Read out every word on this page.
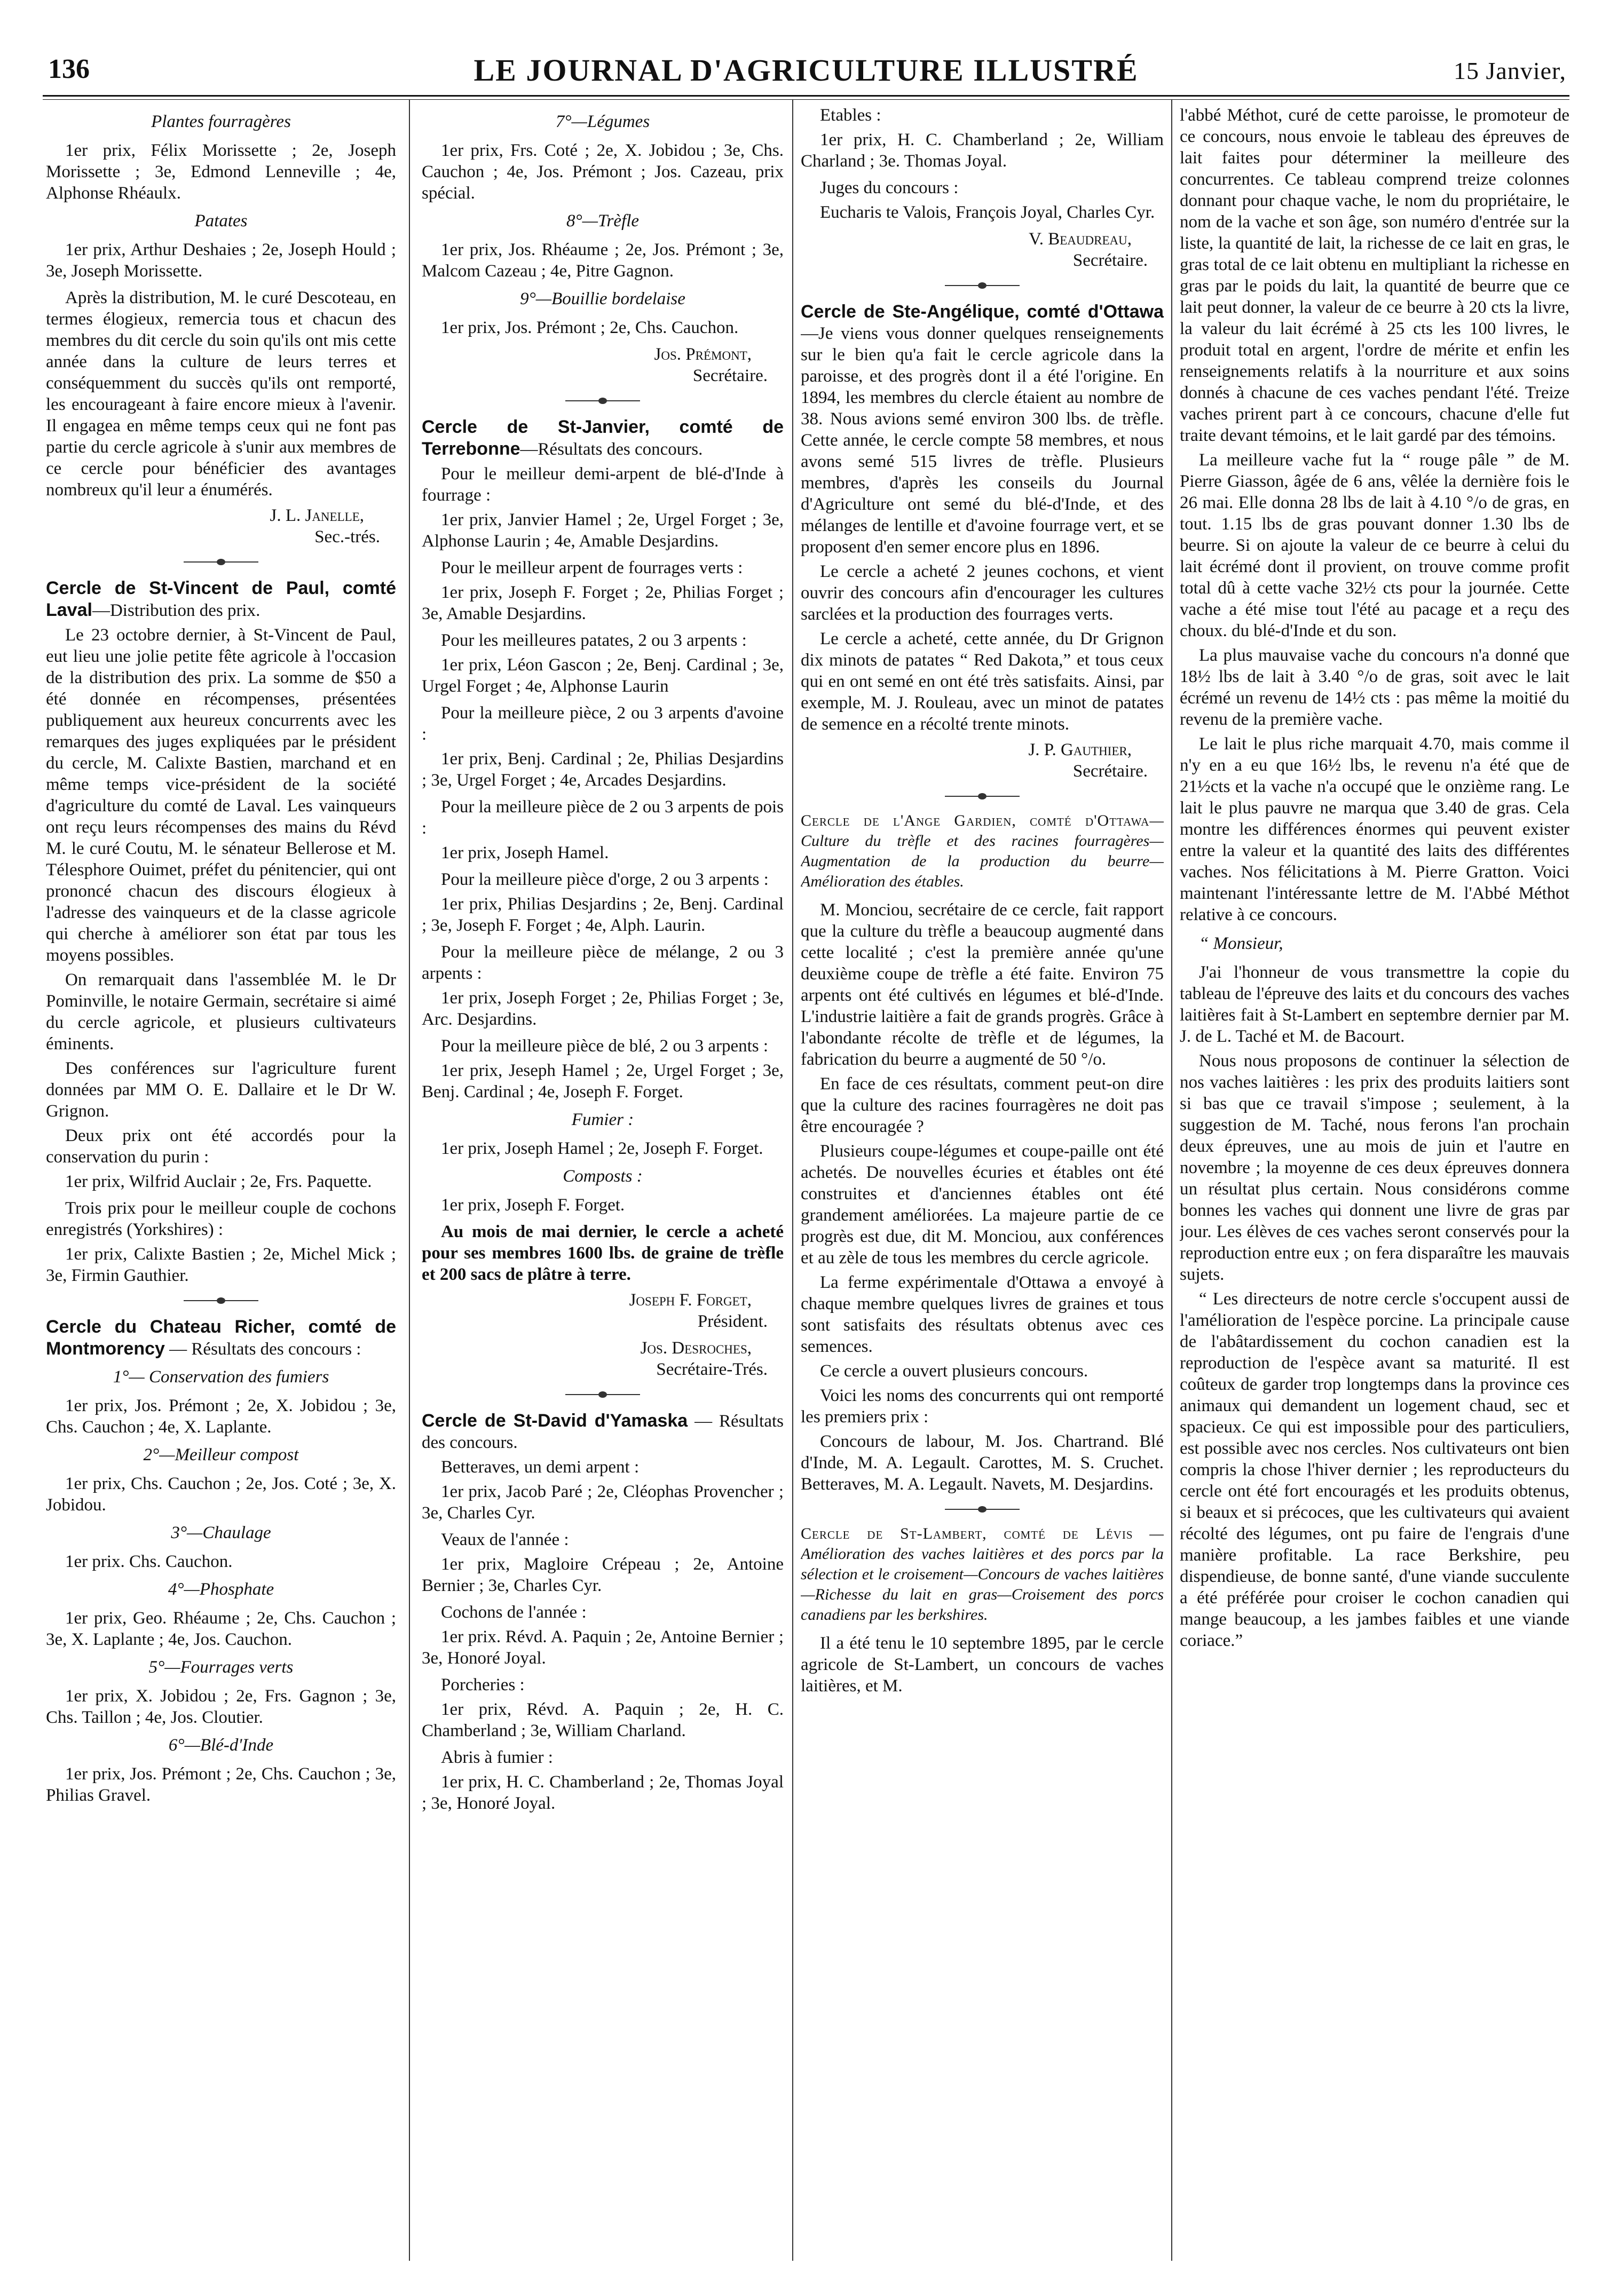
136	LE JOURNAL D'AGRICULTURE ILLUSTRÉ	15 Janvier,

Plantes fourragères

1er prix, Félix Morissette ; 2e, Joseph Morissette ; 3e, Edmond Lenneville ; 4e, Alphonse Rhéaulx.

Patates

1er prix, Arthur Deshaies ; 2e, Joseph Hould ; 3e, Joseph Morissette.

Après la distribution, M. le curé Descoteau, en termes élogieux, remercia tous et chacun des membres du dit cercle du soin qu'ils ont mis cette année dans la culture de leurs terres et conséquemment du succès qu'ils ont remporté, les encourageant à faire encore mieux à l'avenir. Il engagea en même temps ceux qui ne font pas partie du cercle agricole à s'unir aux membres de ce cercle pour bénéficier des avantages nombreux qu'il leur a énumérés.

J. L. Janelle,

Sec.-trés.

Cercle de St-Vincent de Paul, comté Laval—Distribution des prix.

Le 23 octobre dernier, à St-Vincent de Paul, eut lieu une jolie petite fête agricole à l'occasion de la distribution des prix. La somme de $50 a été donnée en récompenses, présentées publiquement aux heureux concurrents avec les remarques des juges expliquées par le président du cercle, M. Calixte Bastien, marchand et en même temps vice-président de la société d'agriculture du comté de Laval. Les vainqueurs ont reçu leurs récompenses des mains du Révd M. le curé Coutu, M. le sénateur Bellerose et M. Télesphore Ouimet, préfet du pénitencier, qui ont prononcé chacun des discours élogieux à l'adresse des vainqueurs et de la classe agricole qui cherche à améliorer son état par tous les moyens possibles.

On remarquait dans l'assemblée M. le Dr Pominville, le notaire Germain, secrétaire si aimé du cercle agricole, et plusieurs cultivateurs éminents.

Des conférences sur l'agriculture furent données par MM O. E. Dallaire et le Dr W. Grignon.

Deux prix ont été accordés pour la conservation du purin :

1er prix, Wilfrid Auclair ; 2e, Frs. Paquette.

Trois prix pour le meilleur couple de cochons enregistrés (Yorkshires) :

1er prix, Calixte Bastien ; 2e, Michel Mick ; 3e, Firmin Gauthier.

Cercle du Chateau Richer, comté de Montmorency — Résultats des concours :

1°— Conservation des fumiers

1er prix, Jos. Prémont ; 2e, X. Jobidou ; 3e, Chs. Cauchon ; 4e, X. Laplante.

2°—Meilleur compost

1er prix, Chs. Cauchon ; 2e, Jos. Coté ; 3e, X. Jobidou.

3°—Chaulage

1er prix. Chs. Cauchon.

4°—Phosphate

1er prix, Geo. Rhéaume ; 2e, Chs. Cauchon ; 3e, X. Laplante ; 4e, Jos. Cauchon.

5°—Fourrages verts

1er prix, X. Jobidou ; 2e, Frs. Gagnon ; 3e, Chs. Taillon ; 4e, Jos. Cloutier.

6°—Blé-d'Inde

1er prix, Jos. Prémont ; 2e, Chs. Cauchon ; 3e, Philias Gravel.

7°—Légumes

1er prix, Frs. Coté ; 2e, X. Jobidou ; 3e, Chs. Cauchon ; 4e, Jos. Prémont ; Jos. Cazeau, prix spécial.

8°—Trèfle

1er prix, Jos. Rhéaume ; 2e, Jos. Prémont ; 3e, Malcom Cazeau ; 4e, Pitre Gagnon.

9°—Bouillie bordelaise

1er prix, Jos. Prémont ; 2e, Chs. Cauchon.

Jos. Prémont,

Secrétaire.

Cercle de St-Janvier, comté de Terrebonne—Résultats des concours.

Pour le meilleur demi-arpent de blé-d'Inde à fourrage :

1er prix, Janvier Hamel ; 2e, Urgel Forget ; 3e, Alphonse Laurin ; 4e, Amable Desjardins.

Pour le meilleur arpent de fourrages verts :

1er prix, Joseph F. Forget ; 2e, Philias Forget ; 3e, Amable Desjardins.

Pour les meilleures patates, 2 ou 3 arpents :

1er prix, Léon Gascon ; 2e, Benj. Cardinal ; 3e, Urgel Forget ; 4e, Alphonse Laurin

Pour la meilleure pièce, 2 ou 3 arpents d'avoine :

1er prix, Benj. Cardinal ; 2e, Philias Desjardins ; 3e, Urgel Forget ; 4e, Arcades Desjardins.

Pour la meilleure pièce de 2 ou 3 arpents de pois :

1er prix, Joseph Hamel.

Pour la meilleure pièce d'orge, 2 ou 3 arpents :

1er prix, Philias Desjardins ; 2e, Benj. Cardinal ; 3e, Joseph F. Forget ; 4e, Alph. Laurin.

Pour la meilleure pièce de mélange, 2 ou 3 arpents :

1er prix, Joseph Forget ; 2e, Philias Forget ; 3e, Arc. Desjardins.

Pour la meilleure pièce de blé, 2 ou 3 arpents :

1er prix, Jeseph Hamel ; 2e, Urgel Forget ; 3e, Benj. Cardinal ; 4e, Joseph F. Forget.

Fumier :

1er prix, Joseph Hamel ; 2e, Joseph F. Forget.

Composts :

1er prix, Joseph F. Forget.

Au mois de mai dernier, le cercle a acheté pour ses membres 1600 lbs. de graine de trèfle et 200 sacs de plâtre à terre.

Joseph F. Forget,

Président.

Jos. Desroches,

Secrétaire-Trés.

Cercle de St-David d'Yamaska — Résultats des concours.

Betteraves, un demi arpent :

1er prix, Jacob Paré ; 2e, Cléophas Provencher ; 3e, Charles Cyr.

Veaux de l'année :

1er prix, Magloire Crépeau ; 2e, Antoine Bernier ; 3e, Charles Cyr.

Cochons de l'année :

1er prix. Révd. A. Paquin ; 2e, Antoine Bernier ; 3e, Honoré Joyal.

Porcheries :

1er prix, Révd. A. Paquin ; 2e, H. C. Chamberland ; 3e, William Charland.

Abris à fumier :

1er prix, H. C. Chamberland ; 2e, Thomas Joyal ; 3e, Honoré Joyal.

Etables :

1er prix, H. C. Chamberland ; 2e, William Charland ; 3e. Thomas Joyal.

Juges du concours :

Eucharis te Valois, François Joyal, Charles Cyr.

V. Beaudreau,

Secrétaire.

Cercle de Ste-Angélique, comté d'Ottawa—Je viens vous donner quelques renseignements sur le bien qu'a fait le cercle agricole dans la paroisse, et des progrès dont il a été l'origine. En 1894, les membres du clercle étaient au nombre de 38. Nous avions semé environ 300 lbs. de trèfle. Cette année, le cercle compte 58 membres, et nous avons semé 515 livres de trèfle. Plusieurs membres, d'après les conseils du Journal d'Agriculture ont semé du blé-d'Inde, et des mélanges de lentille et d'avoine fourrage vert, et se proposent d'en semer encore plus en 1896.

Le cercle a acheté 2 jeunes cochons, et vient ouvrir des concours afin d'encourager les cultures sarclées et la production des fourrages verts.

Le cercle a acheté, cette année, du Dr Grignon dix minots de patates “ Red Dakota,” et tous ceux qui en ont semé en ont été très satisfaits. Ainsi, par exemple, M. J. Rouleau, avec un minot de patates de semence en a récolté trente minots.

J. P. Gauthier,

Secrétaire.

Cercle de l'Ange Gardien, comté d'Ottawa—Culture du trèfle et des racines fourragères—Augmentation de la production du beurre—Amélioration des étables.

M. Monciou, secrétaire de ce cercle, fait rapport que la culture du trèfle a beaucoup augmenté dans cette localité ; c'est la première année qu'une deuxième coupe de trèfle a été faite. Environ 75 arpents ont été cultivés en légumes et blé-d'Inde. L'industrie laitière a fait de grands progrès. Grâce à l'abondante récolte de trèfle et de légumes, la fabrication du beurre a augmenté de 50 °/o.

En face de ces résultats, comment peut-on dire que la culture des racines fourragères ne doit pas être encouragée ?

Plusieurs coupe-légumes et coupe-paille ont été achetés. De nouvelles écuries et étables ont été construites et d'anciennes étables ont été grandement améliorées. La majeure partie de ce progrès est due, dit M. Monciou, aux conférences et au zèle de tous les membres du cercle agricole.

La ferme expérimentale d'Ottawa a envoyé à chaque membre quelques livres de graines et tous sont satisfaits des résultats obtenus avec ces semences.

Ce cercle a ouvert plusieurs concours.

Voici les noms des concurrents qui ont remporté les premiers prix :

Concours de labour, M. Jos. Chartrand. Blé d'Inde, M. A. Legault. Carottes, M. S. Cruchet. Betteraves, M. A. Legault. Navets, M. Desjardins.

Cercle de St-Lambert, comté de Lévis — Amélioration des vaches laitières et des porcs par la sélection et le croisement—Concours de vaches laitières—Richesse du lait en gras—Croisement des porcs canadiens par les berkshires.

Il a été tenu le 10 septembre 1895, par le cercle agricole de St-Lambert, un concours de vaches laitières, et M.

l'abbé Méthot, curé de cette paroisse, le promoteur de ce concours, nous envoie le tableau des épreuves de lait faites pour déterminer la meilleure des concurrentes. Ce tableau comprend treize colonnes donnant pour chaque vache, le nom du propriétaire, le nom de la vache et son âge, son numéro d'entrée sur la liste, la quantité de lait, la richesse de ce lait en gras, le gras total de ce lait obtenu en multipliant la richesse en gras par le poids du lait, la quantité de beurre que ce lait peut donner, la valeur de ce beurre à 20 cts la livre, la valeur du lait écrémé à 25 cts les 100 livres, le produit total en argent, l'ordre de mérite et enfin les renseignements relatifs à la nourriture et aux soins donnés à chacune de ces vaches pendant l'été. Treize vaches prirent part à ce concours, chacune d'elle fut traite devant témoins, et le lait gardé par des témoins.

La meilleure vache fut la “ rouge pâle ” de M. Pierre Giasson, âgée de 6 ans, vêlée la dernière fois le 26 mai. Elle donna 28 lbs de lait à 4.10 °/o de gras, en tout. 1.15 lbs de gras pouvant donner 1.30 lbs de beurre. Si on ajoute la valeur de ce beurre à celui du lait écrémé dont il provient, on trouve comme profit total dû à cette vache 32½ cts pour la journée. Cette vache a été mise tout l'été au pacage et a reçu des choux. du blé-d'Inde et du son.

La plus mauvaise vache du concours n'a donné que 18½ lbs de lait à 3.40 °/o de gras, soit avec le lait écrémé un revenu de 14½ cts : pas même la moitié du revenu de la première vache.

Le lait le plus riche marquait 4.70, mais comme il n'y en a eu que 16½ lbs, le revenu n'a été que de 21½cts et la vache n'a occupé que le onzième rang. Le lait le plus pauvre ne marqua que 3.40 de gras. Cela montre les différences énormes qui peuvent exister entre la valeur et la quantité des laits des différentes vaches. Nos félicitations à M. Pierre Gratton. Voici maintenant l'intéressante lettre de M. l'Abbé Méthot relative à ce concours.

“ Monsieur,

J'ai l'honneur de vous transmettre la copie du tableau de l'épreuve des laits et du concours des vaches laitières fait à St-Lambert en septembre dernier par M. J. de L. Taché et M. de Bacourt.

Nous nous proposons de continuer la sélection de nos vaches laitières : les prix des produits laitiers sont si bas que ce travail s'impose ; seulement, à la suggestion de M. Taché, nous ferons l'an prochain deux épreuves, une au mois de juin et l'autre en novembre ; la moyenne de ces deux épreuves donnera un résultat plus certain. Nous considérons comme bonnes les vaches qui donnent une livre de gras par jour. Les élèves de ces vaches seront conservés pour la reproduction entre eux ; on fera disparaître les mauvais sujets.

“ Les directeurs de notre cercle s'occupent aussi de l'amélioration de l'espèce porcine. La principale cause de l'abâtardissement du cochon canadien est la reproduction de l'espèce avant sa maturité. Il est coûteux de garder trop longtemps dans la province ces animaux qui demandent un logement chaud, sec et spacieux. Ce qui est impossible pour des particuliers, est possible avec nos cercles. Nos cultivateurs ont bien compris la chose l'hiver dernier ; les reproducteurs du cercle ont été fort encouragés et les produits obtenus, si beaux et si précoces, que les cultivateurs qui avaient récolté des légumes, ont pu faire de l'engrais d'une manière profitable. La race Berkshire, peu dispendieuse, de bonne santé, d'une viande succulente a été préférée pour croiser le cochon canadien qui mange beaucoup, a les jambes faibles et une viande coriace.”
